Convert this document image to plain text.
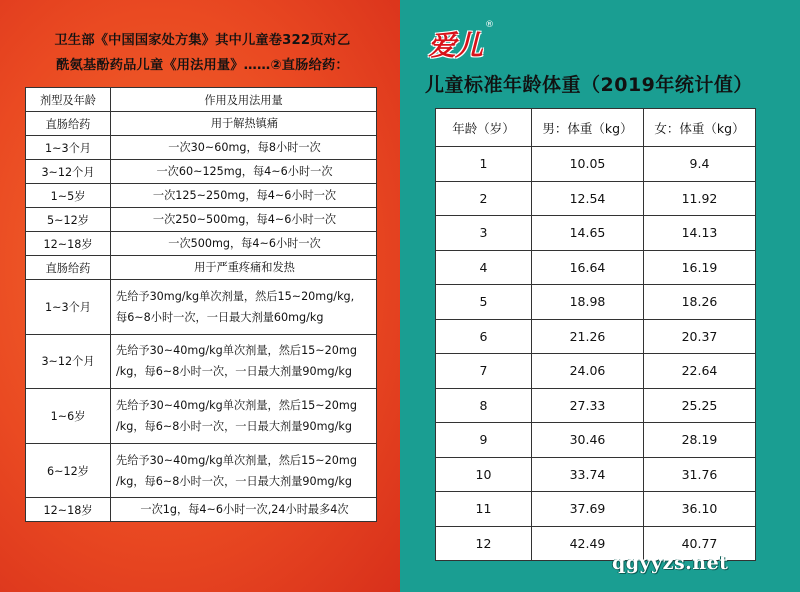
卫生部《中国国家处方集》其中儿童卷322页对乙
酰氨基酚药品儿童《用法用量》……②直肠给药：
剂型及年龄	作用及用法用量
直肠给药	用于解热镇痛
1~3个月	一次30~60mg，每8小时一次
3~12个月	一次60~125mg，每4~6小时一次
1~5岁	一次125~250mg，每4~6小时一次
5~12岁	一次250~500mg，每4~6小时一次
12~18岁	一次500mg，每4~6小时一次
直肠给药	用于严重疼痛和发热
1~3个月	先给予30mg/kg单次剂量，然后15~20mg/kg,
每6~8小时一次，一日最大剂量60mg/kg

3~12个月	先给予30~40mg/kg单次剂量，然后15~20mg
/kg，每6~8小时一次，一日最大剂量90mg/kg

1~6岁	先给予30~40mg/kg单次剂量，然后15~20mg
/kg，每6~8小时一次，一日最大剂量90mg/kg

6~12岁	先给予30~40mg/kg单次剂量，然后15~20mg
/kg，每6~8小时一次，一日最大剂量90mg/kg

12~18岁	一次1g，每4~6小时一次,24小时最多4次
爱儿
®
儿童标准年龄体重（2019年统计值）
年龄（岁）	男：体重（kg）	女：体重（kg）
1	10.05	9.4
2	12.54	11.92
3	14.65	14.13
4	16.64	16.19
5	18.98	18.26
6	21.26	20.37
7	24.06	22.64
8	27.33	25.25
9	30.46	28.19
10	33.74	31.76
11	37.69	36.10
12	42.49	40.77
qgyyzs.net
